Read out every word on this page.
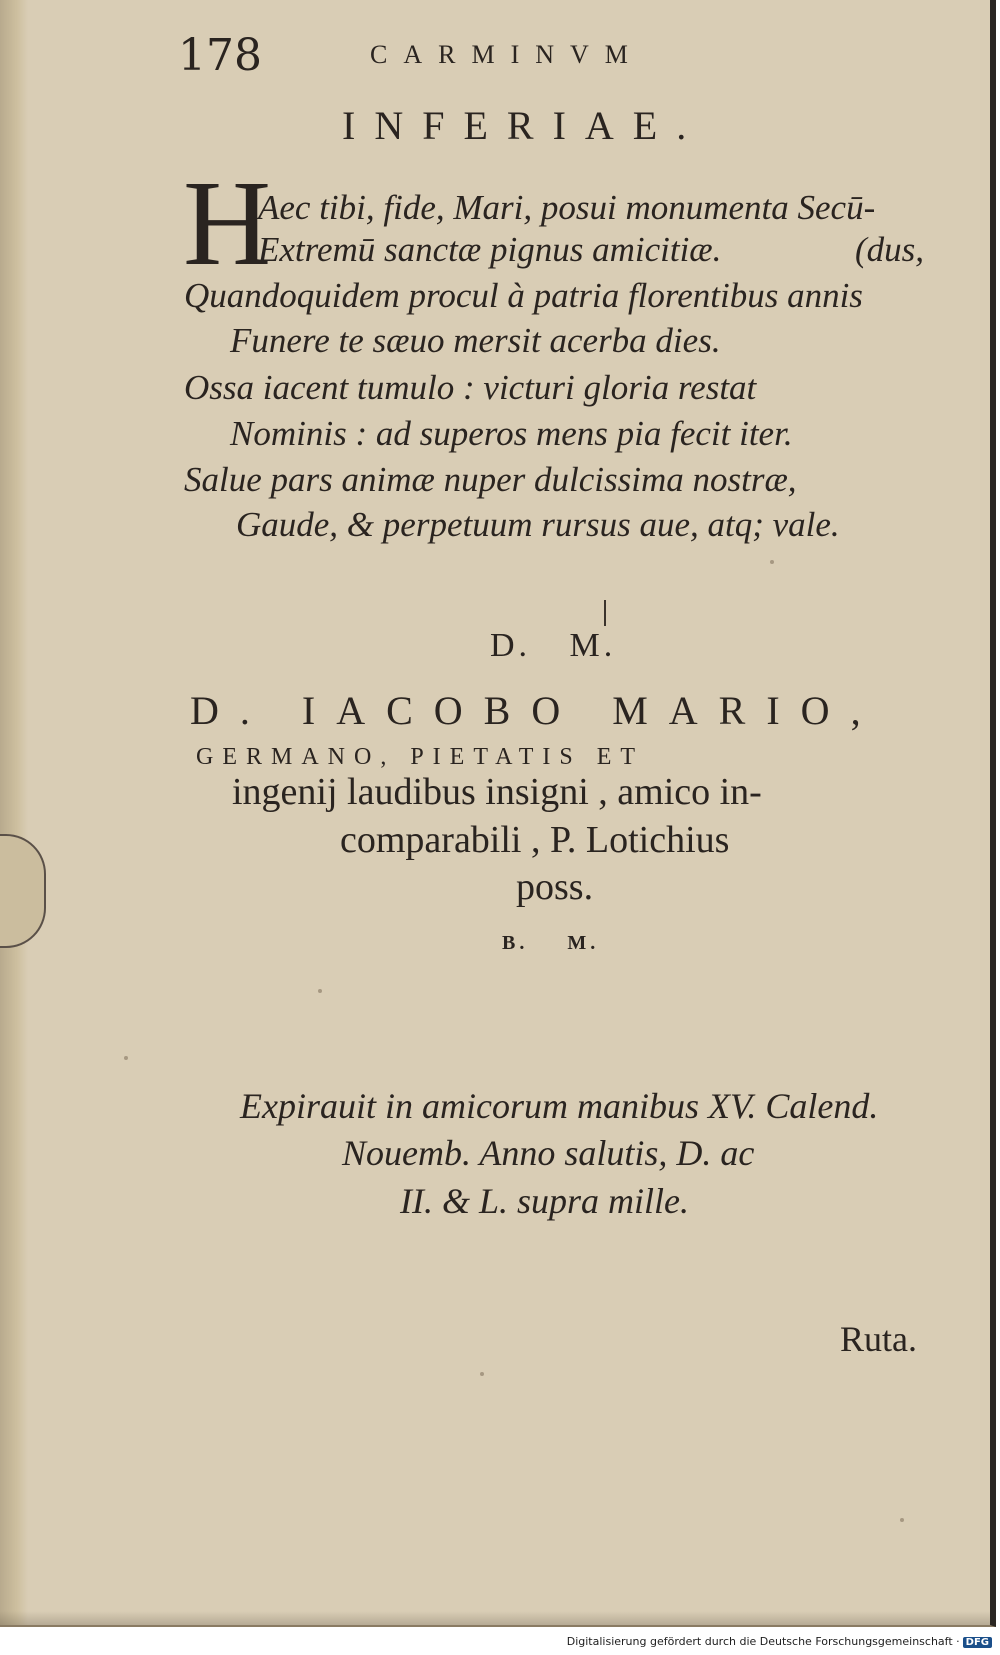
178	CARMINVM
INFERIAE.
H
Aec tibi, fide, Mari, posui monumenta Secū-
Extremū sanctæ pignus amicitiæ.	(dus,
Quandoquidem procul à patria florentibus annis
Funere te sæuo mersit acerba dies.
Ossa iacent tumulo : victuri gloria restat
Nominis : ad superos mens pia fecit iter.
Salue pars animæ nuper dulcissima nostræ,
Gaude, & perpetuum rursus aue, atq; vale.
D. M.
D. IACOBO MARIO,
GERMANO, PIETATIS ET
ingenij laudibus insigni , amico in-
comparabili , P. Lotichius
poss.
B. M.
Expirauit in amicorum manibus XV. Calend.
Nouemb. Anno salutis, D. ac
II. & L. supra mille.
Ruta.
Digitalisierung gefördert durch die Deutsche Forschungsgemeinschaft · DFG
